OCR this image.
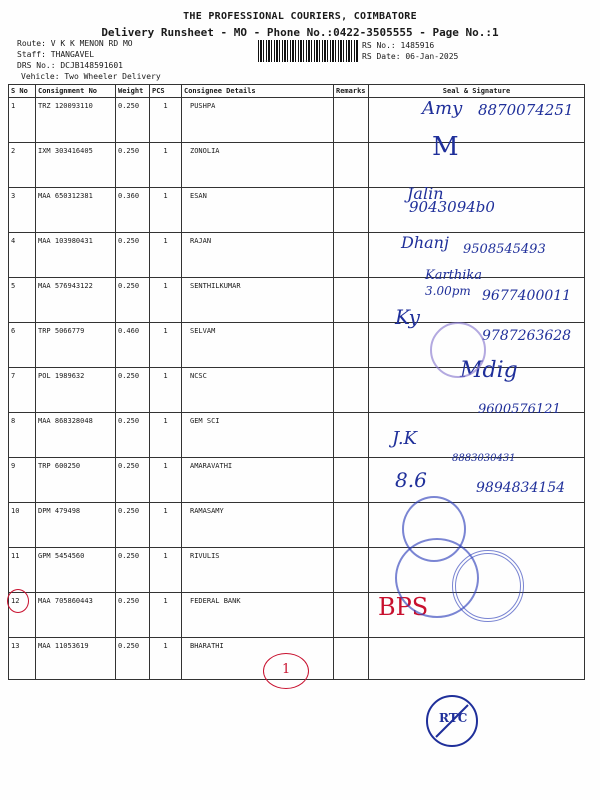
THE PROFESSIONAL COURIERS, COIMBATORE
Delivery Runsheet - MO - Phone No.:0422-3505555 - Page No.:1
Route: V K K MENON RD MO
Staff: THANGAVEL
DRS No.: DCJB148591601
Vehicle: Two Wheeler Delivery
RS No.: 1485916
RS Date: 06-Jan-2025
S No	Consignment No	Weight	PCS	Consignee Details	Remarks	Seal & Signature
1	TRZ 120093110	0.250	1	PUSHPA		
2	IXM 303416405	0.250	1	ZONOLIA		
3	MAA 650312381	0.360	1	ESAN		
4	MAA 103980431	0.250	1	RAJAN		
5	MAA 576943122	0.250	1	SENTHILKUMAR		
6	TRP 5066779	0.460	1	SELVAM		
7	POL 1989632	0.250	1	NCSC		
8	MAA 868328048	0.250	1	GEM SCI		
9	TRP 600250	0.250	1	AMARAVATHI		
10	DPM 479498	0.250	1	RAMASAMY		
11	GPM 5454560	0.250	1	RIVULIS		
12	MAA 705860443	0.250	1	FEDERAL BANK		
13	MAA 11053619	0.250	1	BHARATHI		
Amy 8870074251
M
Jalin
9043094b0
Dhanj 9508545493
Karthika
3.00pm 9677400011
Ky
9787263628
Mdig
9600576121
J.K
8883030431
8.6	9894834154
BPS
1
RTC
